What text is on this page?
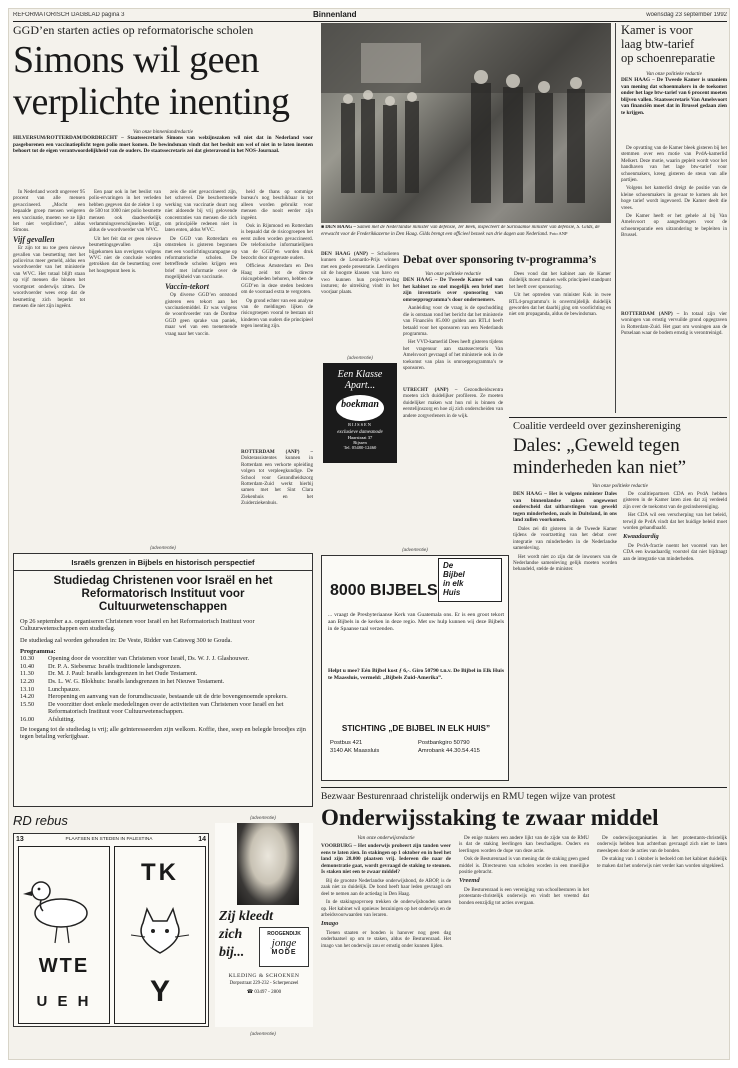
REFORMATORISCH DAGBLAD pagina 3	Binnenland	woensdag 23 september 1992
GGD’en starten acties op reformatorische scholen
Simons wil geen
verplichte inenting
Van onze binnenlandredactie
HILVERSUM/ROTTERDAM/DORDRECHT – Staatssecretaris Simons van welzijnszaken wil niet dat in Nederland voor pasgeborenen een vaccinatieplicht tegen polio moet komen. De bewindsman vindt dat het besluit om wel of niet in te laten inenten behoort tot de eigen verantwoordelijkheid van de ouders. De staatssecretaris zei dat gisteravond in het NOS-Journaal.

In Nederland wordt ongeveer 95 procent van alle mensen gevaccineerd. „Mocht een bepaalde groep mensen weigeren een vaccinatie, moeten we ze lijkt het niet verplichten”, aldus Simons.

Vijf gevallen

Er zijn tot nu toe geen nieuwe gevallen van besmetting met het poliovirus meer gemeld, aldus een woordvoerder van het ministerie van WVC. Het totaal blijft staan op vijf mensen die binnen het voortgezet onderwijs zitten. De woordvoerder wees erop dat de besmetting zich beperkt tot mensen die niet zijn ingeënt.

Een paar ook in het beslist van polio-ervaringen in het verleden hebben gegeven dat de ziekte 1 op de 500 tot 1000 niet polio besmette mensen ook daadwerkelijk verlammingsverschijnselen krijgt, aldus de woordvoerder van WVC.

Uit het feit dat er geen nieuwe besmettingsgevallen zijn bijgekomen kan overigens volgens WVC niet de conclusie worden getrokken dat de besmetting over het hoogtepunt heen is.

zeis die niet gevaccineerd zijn, het schrevel. Die beschermende werking van vaccinatie duurt nog niet aldoende bij vrij gelovende concentraties van mensen die zich om principiële redenen niet in laten enten, aldus WVC.

De GGD van Rotterdam en omstreken is gisteren begonnen met een voorlichtingscampagne op reformatorische scholen. De betreffende scholen krijgen een brief met informatie over de mogelijkheid van vaccinatie.

Vaccin-tekort

Op diverse GGD’en ontstond gisteren een tekort aan het vaccinatiemiddel. Er was volgens de woordvoerder van de Dordtse GGD geen sprake van paniek, maar wel van een toenemende vraag naar het vaccin.

heid de thans op sommige bureau’s nog beschikbaar is tot alleen worden gebruikt voor mensen die nooit eerder zijn ingeënt.

Ook in Rijnmond en Rotterdam is bepaald dat de risicogroepen het eerst zullen worden gevaccineerd. De telefonische informatielijnen van de GGD’en worden druk bezocht door ongeruste ouders.

Officieus Amsterdam en Den Haag zeid tot de directe risicogebieden behoren, hebben de GGD’en in deze steden besloten om de voorraad extra te vergroten.

Op grond echter van een analyse van de meldingen lijken de risicogroepen vooral te bestaan uit kinderen van ouders die principieel tegen inenting zijn.

ROTTERDAM (ANP) – Dokterassistentes kunnen in Rotterdam een verkorte opleiding volgen tot verpleegkundige. De School voor Gezondheidszorg Rotterdam-Zuid werkt hierbij samen met het Sint Clara Ziekenhuis en het Zuiderziekenhuis.

(advertentie)
Israëls grenzen in Bijbels en historisch perspectief
Studiedag Christenen voor Israël en het Reformatorisch Instituut voor Cultuurwetenschappen
Op 26 september a.s. organiseren Christenen voor Israël en het Reformatorisch Instituut voor Cultuurwetenschappen een studiedag.
De studiedag zal worden gehouden in: De Veste, Ridder van Catsweg 300 te Gouda.
Programma:
10.30	Opening door de voorzitter van Christenen voor Israël, Ds. W. J. J. Glashouwer.
10.40	Dr. P. A. Siebesma: Israëls traditionele landsgrenzen.
11.30	Dr. M. J. Paul: Israëls landsgrenzen in het Oude Testament.
12.20	Ds. L. W. G. Blokhuis: Israëls landsgrenzen in het Nieuwe Testament.
13.10	Lunchpauze.
14.20	Heropening en aanvang van de forumdiscussie, bestaande uit de drie bovengenoemde sprekers.
15.50	De voorzitter doet enkele mededelingen over de activiteiten van Christenen voor Israël en het Reformatorisch Instituut voor Cultuurwetenschappen.
16.00	Afsluiting.
De toegang tot de studiedag is vrij; alle geïnteresseerden zijn welkom. Koffie, thee, soep en belegde broodjes zijn tegen betaling verkrijgbaar.
RD rebus
13	PLAATSEN EN STEDEN IN PALESTINA	14
WTE
U E H
TK
Y
(advertentie)
Zij kleedt
zich
bij...
ROOGENDIJK
jonge
MODE
KLEDING & SCHOENEN
Dorpsstraat 229-232 - Scherpenzeel
☎ 03497 - 2800
■ DEN HAAG – Samen met de Nederlandse minister van defensie, Ter Beek, inspecteert de Surinaamse minister van defensie, S. Gilds, de erewacht voor de Frederikkazerne in Den Haag. Gilds brengt een officieel bezoek van drie dagen aan Nederland. Foto ANP
Kamer is voor
laag btw-tarief
op schoenreparatie
Van onze politieke redactie
DEN HAAG – De Tweede Kamer is unaniem van mening dat schoenmakers in de toekomst onder het lage btw-tarief van 6 procent moeten blijven vallen. Staatssecretaris Van Amelsvoort van financiën moet dat in Brussel gedaan zien te krijgen.

De opvatting van de Kamer bleek gisteren bij het stemmen over een motie van PvdA-kamerlid Melkert. Deze motie, waarin gepleit wordt voor het handhaven van het lage btw-tarief voor schoenmakers, kreeg gisteren de steun van alle partijen.

Volgens het kamerlid dreigt de positie van de kleine schoenmakers in gevaar te komen als het hoge tarief wordt ingevoerd. De Kamer deelt die vrees.

De Kamer heeft er het gehele al bij Van Amelsvoort op aangedrongen voor de schoenreparatie een uitzondering te bepleiten in Brussel.

ROTTERDAM (ANP) – In totaal zijn vier woningen van ernstig vervuilde grond opgegraven in Rotterdam-Zuid. Het gaat om woningen aan de Putselaan waar de bodem ernstig is verontreinigd.

DEN HAAG (ANP) – Scholieren kunnen de Leonardo-Prijs winnen met een goede presentatie. Leerlingen uit de hoogste klassen van havo en vwo kunnen hun projectverslag insturen; de uitreiking vindt in het voorjaar plaats.

(advertentie)
Een Klasse
Apart...
boekman
RIJSSEN
exclusieve damesmode
Haarstraat 37
Rijssen
Tel. 05480-12460
Debat over sponsoring tv-programma’s
Van onze politieke redactie

DEN HAAG – De Tweede Kamer wil van het kabinet zo snel mogelijk een brief met zijn inventaris over sponsoring van omroepprogramma’s door ondernemers.

Aanleiding voor de vraag is de opschudding die is ontstaan rond het bericht dat het ministerie van Financiën 85.000 gulden aan RTL4 heeft betaald voor het sponsoren van een Nederlands programma.

Het VVD-kamerlid Dees heeft gisteren tijdens het vragenuur aan staatssecretaris Van Amelsvoort gevraagd of het ministerie ook in de toekomst van plan is omroepprogramma’s te sponsoren.

Dees vond dat het kabinet aan de Kamer duidelijk moest maken welk principieel standpunt het heeft over sponsoring.

Uit het optreden van minister Kok in twee RTL4-programma’s is onvermijdelijk duidelijk geworden dat het daarbij ging om voorlichting en niet om propaganda, aldus de bewindsman.

UTRECHT (ANP) – Gezondheidscentra moeten zich duidelijker profileren. Ze moeten duidelijker maken wat hun rol is binnen de eerstelijnszorg en hoe zij zich onderscheiden van andere zorgverleners in de wijk.

Coalitie verdeeld over gezinshereniging
Dales: „Geweld tegen
minderheden kan niet”
Van onze politieke redactie

DEN HAAG – Het is volgens minister Dales van binnenlandse zaken ongewenst onderscheid dat uitbarstingen van geweld tegen minderheden, zoals in Duitsland, in ons land zullen voorkomen.

Dales zei dit gisteren in de Tweede Kamer tijdens de voortzetting van het debat over integratie van minderheden in de Nederlandse samenleving.

Het wordt niet zo zijn dat de inwoners van de Nederlandse samenleving gelijk moeten worden behandeld, stelde de minister.

De coalitiepartners CDA en PvdA hebben gisteren in de Kamer laten zien dat zij verdeeld zijn over de toekomst van de gezinshereniging.

Het CDA wil een verscherping van het beleid, terwijl de PvdA vindt dat het huidige beleid moet worden gehandhaafd.

Kwaadaardig

De PvdA-fractie noemt het voorstel van het CDA een kwaadaardig voorstel dat niet bijdraagt aan de integratie van minderheden.

(advertentie)
8000 BIJBELS
De
Bijbel
in elk
Huis
... vraagt de Presbyteriaanse Kerk van Guatemala ons. Er is een groot tekort aan Bijbels in de kerken in deze regio. Met uw hulp kunnen wij deze Bijbels in de Spaanse taal verzenden.
Helpt u mee? Eén Bijbel kost ƒ 6,-. Giro 50790 t.n.v. De Bijbel in Elk Huis te Maassluis, vermeld: „Bijbels Zuid-Amerika”.
STICHTING „DE BIJBEL IN ELK HUIS”
Postbus 421
3140 AK Maassluis
Postbankgiro 50790
Amrobank 44.30.54.415
Bezwaar Besturenraad christelijk onderwijs en RMU tegen wijze van protest
Onderwijsstaking te zwaar middel
Van onze onderwijsredactie

VOORBURG – Het onderwijs probeert zijn tanden weer eens te laten zien. In stakingen op 1 oktober en in heel het land zijn 28.000 plaatsen vrij. Iedereen die naar de demonstratie gaat, wordt gevraagd de staking te steunen. Is staken niet een te zwaar middel?

Bij de grootste Nederlandse onderwijsbond, de ABOP, is de zaak niet zo duidelijk. De bond heeft haar leden gevraagd om deel te nemen aan de actiedag in Den Haag.

In de stakingsopvroep trekken de onderwijsbonden samen op. Het kabinet wil opnieuw bezuinigen op het onderwijs en de arbeidsvoorwaarden van leraren.

Imago

Tienen staaten er bonden is hanover nog geen dag onderbaatsel op om te staken, aldus de Besturenraad. Het imago van het onderwijs zou er ernstig onder kunnen lijden.

De enige makers een andere lijkt van de zijde van de RMU is dat de staking leerlingen kan beschadigen. Ouders en leerlingen worden de dupe van deze actie.

Ook de Besturenraad is van mening dat de staking geen goed middel is. Directeuren van scholen worden in een moeilijke positie gebracht.

Vreemd

De Besturenraad is een vereniging van schoolbesturen in het protestants-christelijk onderwijs en vindt het vreemd dat bonden eenzijdig tot acties overgaan.

De onderwijsorganisaties in het protestants-christelijk onderwijs hebben hun achterban gevraagd zich niet te laten meeslepen door de acties van de bonden.

De staking van 1 oktober is bedoeld om het kabinet duidelijk te maken dat het onderwijs niet verder kan worden uitgekleed.

(advertentie)
